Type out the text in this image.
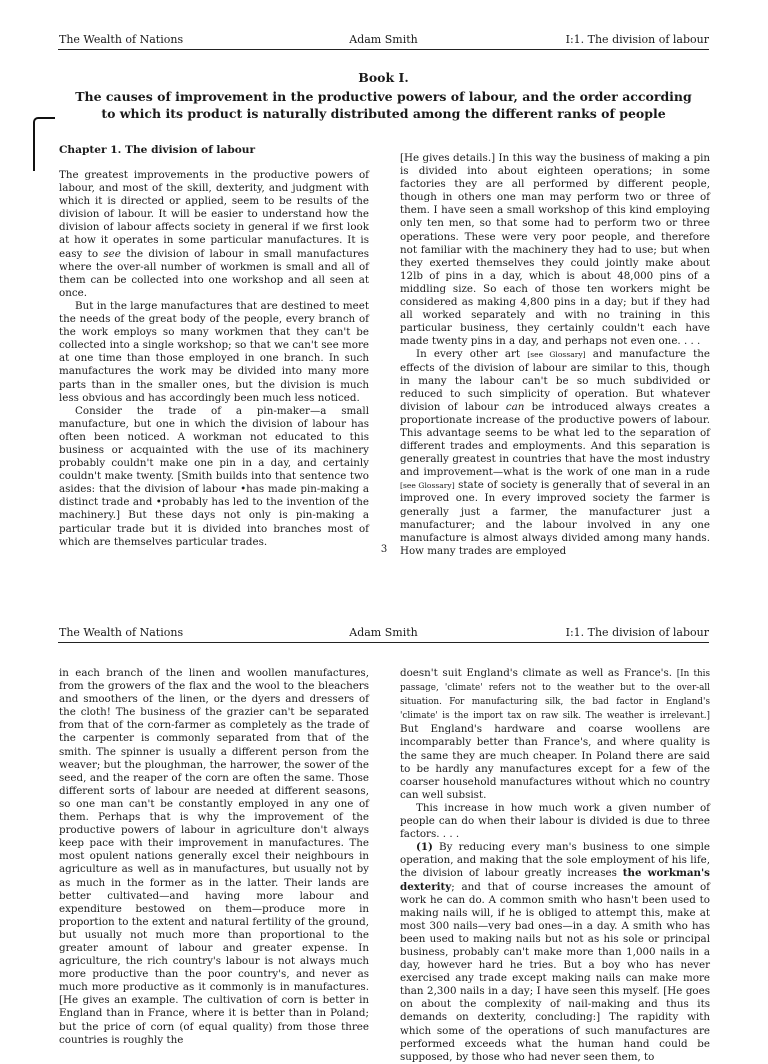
The Wealth of Nations	Adam Smith	I:1. The division of labour
Book I.
The causes of improvement in the productive powers of labour, and the order according
to which its product is naturally distributed among the different ranks of people

Chapter 1. The division of labour

The greatest improvements in the productive powers of labour, and most of the skill, dexterity, and judgment with which it is directed or applied, seem to be results of the division of labour. It will be easier to understand how the division of labour affects society in general if we first look at how it operates in some particular manufactures. It is easy to see the division of labour in small manufactures where the over-all number of workmen is small and all of them can be collected into one workshop and all seen at once.

But in the large manufactures that are destined to meet the needs of the great body of the people, every branch of the work employs so many workmen that they can't be collected into a single workshop; so that we can't see more at one time than those employed in one branch. In such manufactures the work may be divided into many more parts than in the smaller ones, but the division is much less obvious and has accordingly been much less noticed.

Consider the trade of a pin-maker—a small manufacture, but one in which the division of labour has often been noticed. A workman not educated to this business or acquainted with the use of its machinery probably couldn't make one pin in a day, and certainly couldn't make twenty. [Smith builds into that sentence two asides: that the division of labour •has made pin-making a distinct trade and •probably has led to the invention of the machinery.] But these days not only is pin-making a particular trade but it is divided into branches most of which are themselves particular trades.

[He gives details.] In this way the business of making a pin is divided into about eighteen operations; in some factories they are all performed by different people, though in others one man may perform two or three of them. I have seen a small workshop of this kind employing only ten men, so that some had to perform two or three operations. These were very poor people, and therefore not familiar with the machinery they had to use; but when they exerted themselves they could jointly make about 12lb of pins in a day, which is about 48,000 pins of a middling size. So each of those ten workers might be considered as making 4,800 pins in a day; but if they had all worked separately and with no training in this particular business, they certainly couldn't each have made twenty pins in a day, and perhaps not even one. . . .

In every other art [see Glossary] and manufacture the effects of the division of labour are similar to this, though in many the labour can't be so much subdivided or reduced to such simplicity of operation. But whatever division of labour can be introduced always creates a proportionate increase of the productive powers of labour. This advantage seems to be what led to the separation of different trades and employments. And this separation is generally greatest in countries that have the most industry and improvement—what is the work of one man in a rude [see Glossary] state of society is generally that of several in an improved one. In every improved society the farmer is generally just a farmer, the manufacturer just a manufacturer; and the labour involved in any one manufacture is almost always divided among many hands. How many trades are employed

3
The Wealth of Nations	Adam Smith	I:1. The division of labour

in each branch of the linen and woollen manufactures, from the growers of the flax and the wool to the bleachers and smoothers of the linen, or the dyers and dressers of the cloth! The business of the grazier can't be separated from that of the corn-farmer as completely as the trade of the carpenter is commonly separated from that of the smith. The spinner is usually a different person from the weaver; but the ploughman, the harrower, the sower of the seed, and the reaper of the corn are often the same. Those different sorts of labour are needed at different seasons, so one man can't be constantly employed in any one of them. Perhaps that is why the improvement of the productive powers of labour in agriculture don't always keep pace with their improvement in manufactures. The most opulent nations generally excel their neighbours in agriculture as well as in manufactures, but usually not by as much in the former as in the latter. Their lands are better cultivated—and having more labour and expenditure bestowed on them—produce more in proportion to the extent and natural fertility of the ground, but usually not much more than proportional to the greater amount of labour and greater expense. In agriculture, the rich country's labour is not always much more productive than the poor country's, and never as much more productive as it commonly is in manufactures. [He gives an example. The cultivation of corn is better in England than in France, where it is better than in Poland; but the price of corn (of equal quality) from those three countries is roughly the

doesn't suit England's climate as well as France's. [In this passage, 'climate' refers not to the weather but to the over-all situation. For manufacturing silk, the bad factor in England's 'climate' is the import tax on raw silk. The weather is irrelevant.] But England's hardware and coarse woollens are incomparably better than France's, and where quality is the same they are much cheaper. In Poland there are said to be hardly any manufactures except for a few of the coarser household manufactures without which no country can well subsist.

This increase in how much work a given number of people can do when their labour is divided is due to three factors. . . .

(1) By reducing every man's business to one simple operation, and making that the sole employment of his life, the division of labour greatly increases the workman's dexterity; and that of course increases the amount of work he can do. A common smith who hasn't been used to making nails will, if he is obliged to attempt this, make at most 300 nails—very bad ones—in a day. A smith who has been used to making nails but not as his sole or principal business, probably can't make more than 1,000 nails in a day, however hard he tries. But a boy who has never exercised any trade except making nails can make more than 2,300 nails in a day; I have seen this myself. [He goes on about the complexity of nail-making and thus its demands on dexterity, concluding:] The rapidity with which some of the operations of such manufactures are performed exceeds what the human hand could be supposed, by those who had never seen them, to
